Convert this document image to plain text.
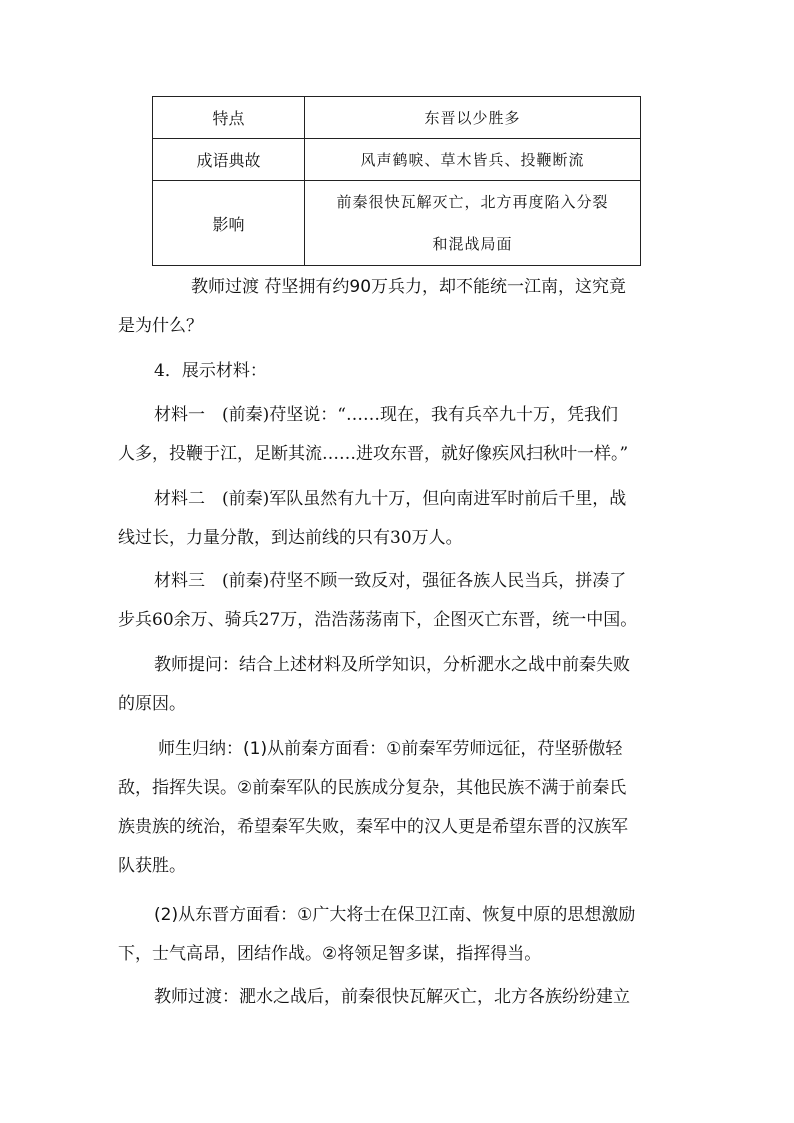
特点	东晋以少胜多
成语典故	风声鹤唳、草木皆兵、投鞭断流
影响	前秦很快瓦解灭亡，北方再度陷入分裂
和混战局面

教师过渡 苻坚拥有约90万兵力，却不能统一江南，这究竟
是为什么？

4．展示材料：

材料一　 (前秦)苻坚说：“……现在，我有兵卒九十万，凭我们
人多，投鞭于江，足断其流……进攻东晋，就好像疾风扫秋叶一样。”

材料二　 (前秦)军队虽然有九十万，但向南进军时前后千里，战
线过长，力量分散，到达前线的只有30万人。

材料三　 (前秦)苻坚不顾一致反对，强征各族人民当兵，拼凑了
步兵60余万、骑兵27万，浩浩荡荡南下，企图灭亡东晋，统一中国。

教师提问：结合上述材料及所学知识，分析淝水之战中前秦失败
的原因。

师生归纳：(1)从前秦方面看：①前秦军劳师远征，苻坚骄傲轻
敌，指挥失误。②前秦军队的民族成分复杂，其他民族不满于前秦氏
族贵族的统治，希望秦军失败，秦军中的汉人更是希望东晋的汉族军
队获胜。

(2)从东晋方面看：①广大将士在保卫江南、恢复中原的思想激励
下，士气高昂，团结作战。②将领足智多谋，指挥得当。

教师过渡：淝水之战后，前秦很快瓦解灭亡，北方各族纷纷建立
